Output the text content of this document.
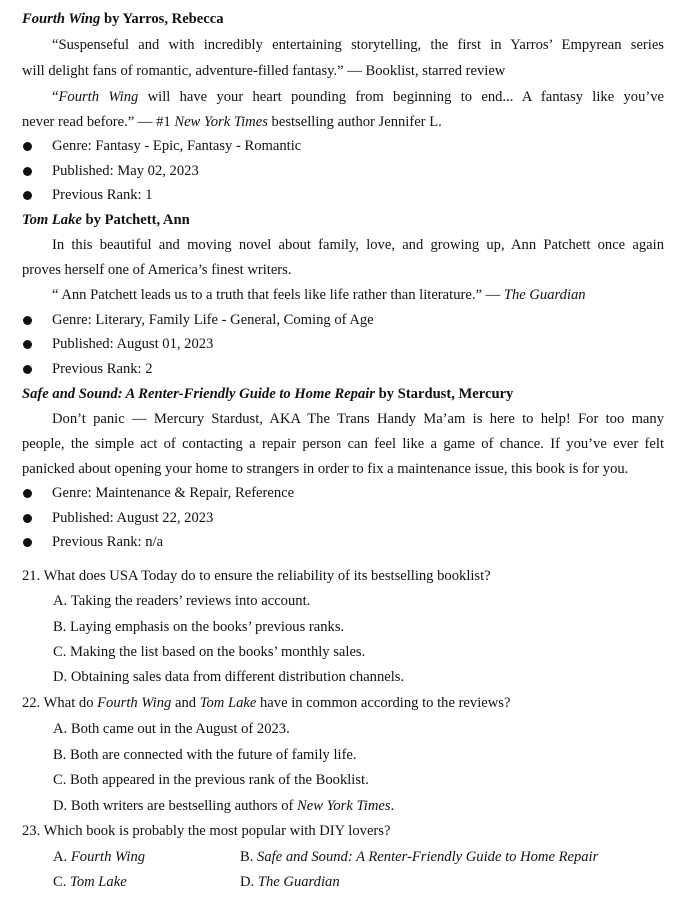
Fourth Wing by Yarros, Rebecca
“Suspenseful and with incredibly entertaining storytelling, the first in Yarros’ Empyrean series
will delight fans of romantic, adventure-filled fantasy.” — Booklist, starred review
“Fourth Wing will have your heart pounding from beginning to end... A fantasy like you’ve
never read before.” — #1 New York Times bestselling author Jennifer L.
Genre: Fantasy - Epic, Fantasy - Romantic
Published: May 02, 2023
Previous Rank: 1
Tom Lake by Patchett, Ann
In this beautiful and moving novel about family, love, and growing up, Ann Patchett once again
proves herself one of America’s finest writers.
“ Ann Patchett leads us to a truth that feels like life rather than literature.” — The Guardian
Genre: Literary, Family Life - General, Coming of Age
Published: August 01, 2023
Previous Rank: 2
Safe and Sound: A Renter-Friendly Guide to Home Repair by Stardust, Mercury
Don’t panic — Mercury Stardust, AKA The Trans Handy Ma’am is here to help! For too many
people, the simple act of contacting a repair person can feel like a game of chance. If you’ve ever felt
panicked about opening your home to strangers in order to fix a maintenance issue, this book is for you.
Genre: Maintenance & Repair, Reference
Published: August 22, 2023
Previous Rank: n/a
21. What does USA Today do to ensure the reliability of its bestselling booklist?
A. Taking the readers’ reviews into account.
B. Laying emphasis on the books’ previous ranks.
C. Making the list based on the books’ monthly sales.
D. Obtaining sales data from different distribution channels.
22. What do Fourth Wing and Tom Lake have in common according to the reviews?
A. Both came out in the August of 2023.
B. Both are connected with the future of family life.
C. Both appeared in the previous rank of the Booklist.
D. Both writers are bestselling authors of New York Times.
23. Which book is probably the most popular with DIY lovers?
A. Fourth Wing	B. Safe and Sound: A Renter-Friendly Guide to Home Repair
C. Tom Lake	D. The Guardian
